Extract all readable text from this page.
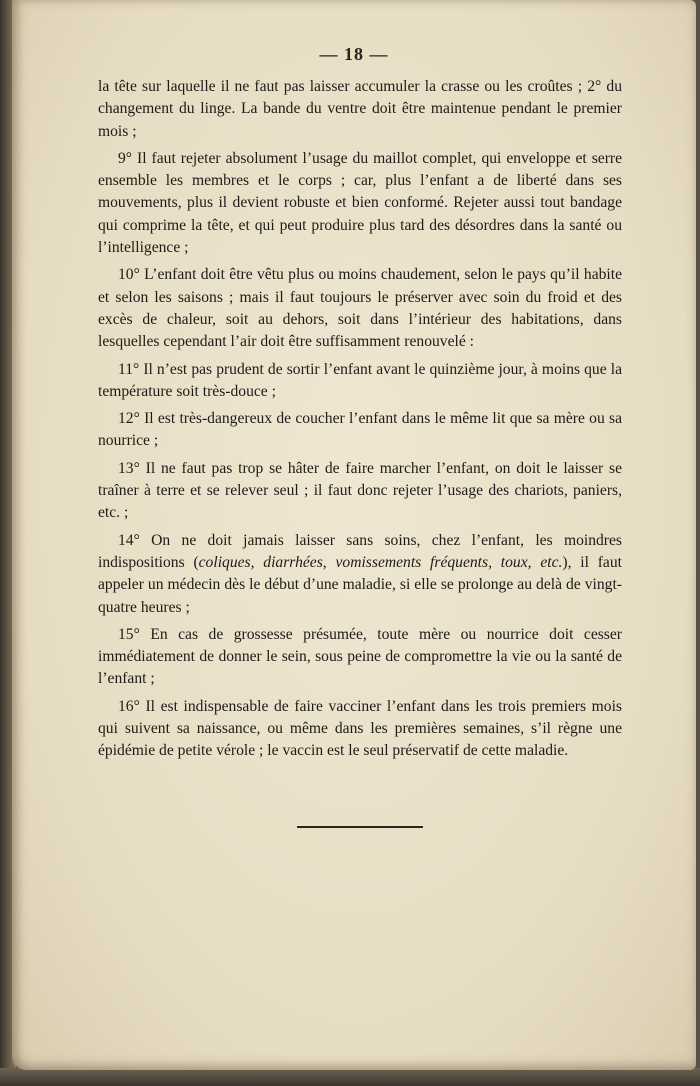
— 18 —

la tête sur laquelle il ne faut pas laisser accumuler la crasse ou les croûtes ; 2° du changement du linge. La bande du ventre doit être maintenue pendant le premier mois ;

9° Il faut rejeter absolument l’usage du maillot complet, qui enveloppe et serre ensemble les membres et le corps ; car, plus l’enfant a de liberté dans ses mouvements, plus il devient robuste et bien conformé. Rejeter aussi tout bandage qui comprime la tête, et qui peut produire plus tard des désordres dans la santé ou l’intelligence ;

10° L’enfant doit être vêtu plus ou moins chaudement, selon le pays qu’il habite et selon les saisons ; mais il faut toujours le préserver avec soin du froid et des excès de chaleur, soit au dehors, soit dans l’intérieur des habitations, dans lesquelles cependant l’air doit être suffisamment renouvelé :

11° Il n’est pas prudent de sortir l’enfant avant le quinzième jour, à moins que la température soit très-douce ;

12° Il est très-dangereux de coucher l’enfant dans le même lit que sa mère ou sa nourrice ;

13° Il ne faut pas trop se hâter de faire marcher l’enfant, on doit le laisser se traîner à terre et se relever seul ; il faut donc rejeter l’usage des chariots, paniers, etc. ;

14° On ne doit jamais laisser sans soins, chez l’enfant, les moindres indispositions (coliques, diarrhées, vomissements fréquents, toux, etc.), il faut appeler un médecin dès le début d’une maladie, si elle se prolonge au delà de vingt-quatre heures ;

15° En cas de grossesse présumée, toute mère ou nourrice doit cesser immédiatement de donner le sein, sous peine de compromettre la vie ou la santé de l’enfant ;

16° Il est indispensable de faire vacciner l’enfant dans les trois premiers mois qui suivent sa naissance, ou même dans les premières semaines, s’il règne une épidémie de petite vérole ; le vaccin est le seul préservatif de cette maladie.
